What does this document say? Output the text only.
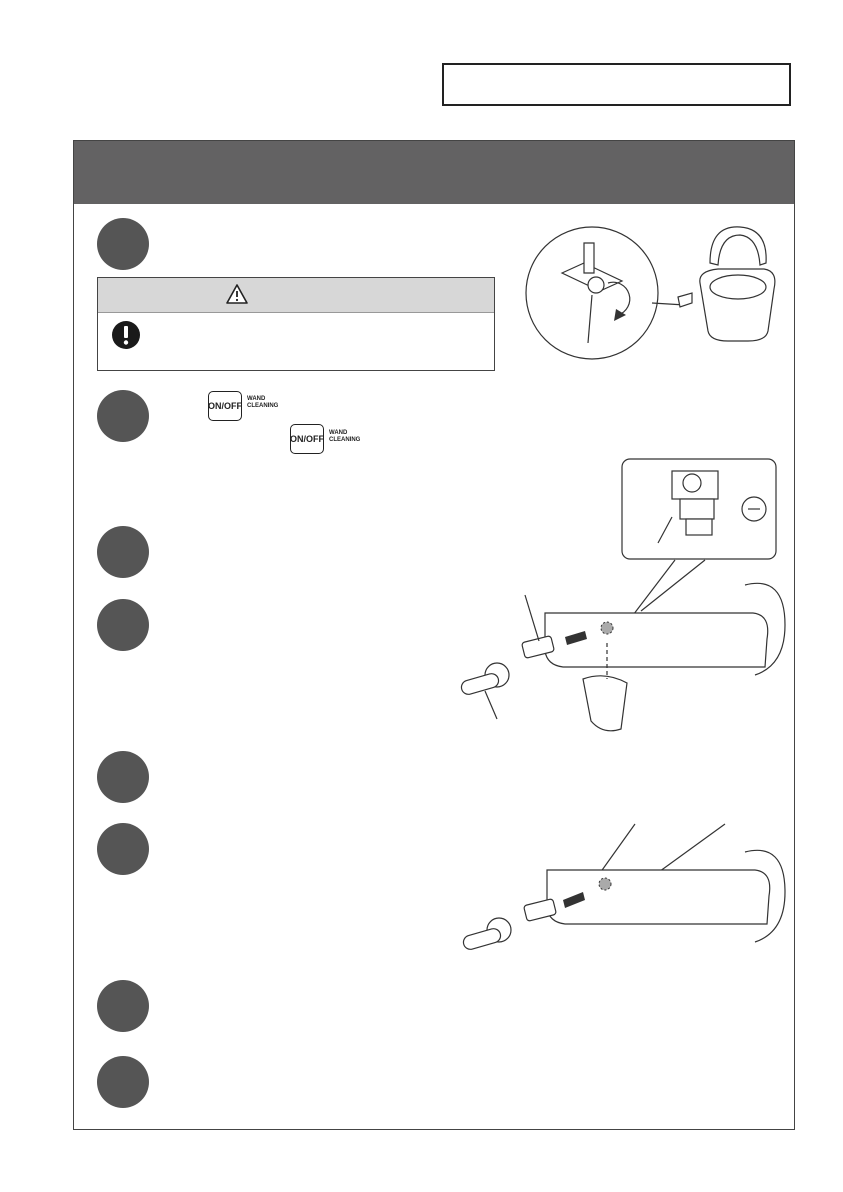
ON/OFF
WAND
CLEANING
ON/OFF
WAND
CLEANING
